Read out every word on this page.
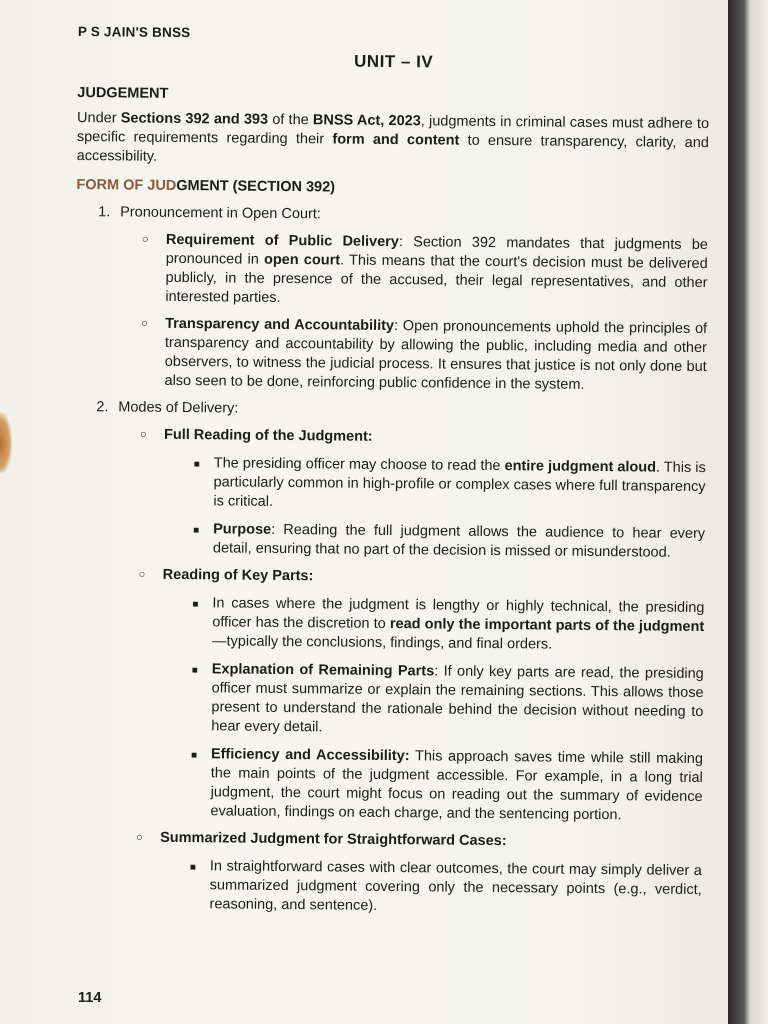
P S JAIN'S BNSS
UNIT – IV
JUDGEMENT
Under Sections 392 and 393 of the BNSS Act, 2023, judgments in criminal cases must adhere to specific requirements regarding their form and content to ensure transparency, clarity, and accessibility.
FORM OF JUDGMENT (SECTION 392)
1. Pronouncement in Open Court:
○	Requirement of Public Delivery: Section 392 mandates that judgments be pronounced in open court. This means that the court's decision must be delivered publicly, in the presence of the accused, their legal representatives, and other interested parties.
○	Transparency and Accountability: Open pronouncements uphold the principles of transparency and accountability by allowing the public, including media and other observers, to witness the judicial process. It ensures that justice is not only done but also seen to be done, reinforcing public confidence in the system.
2. Modes of Delivery:
○	Full Reading of the Judgment:
■ The presiding officer may choose to read the entire judgment aloud. This is particularly common in high-profile or complex cases where full transparency is critical.
■ Purpose: Reading the full judgment allows the audience to hear every detail, ensuring that no part of the decision is missed or misunderstood.
○	Reading of Key Parts:
■ In cases where the judgment is lengthy or highly technical, the presiding officer has the discretion to read only the important parts of the judgment—typically the conclusions, findings, and final orders.
■ Explanation of Remaining Parts: If only key parts are read, the presiding officer must summarize or explain the remaining sections. This allows those present to understand the rationale behind the decision without needing to hear every detail.
■ Efficiency and Accessibility: This approach saves time while still making the main points of the judgment accessible. For example, in a long trial judgment, the court might focus on reading out the summary of evidence evaluation, findings on each charge, and the sentencing portion.
○	Summarized Judgment for Straightforward Cases:
■ In straightforward cases with clear outcomes, the court may simply deliver a summarized judgment covering only the necessary points (e.g., verdict, reasoning, and sentence).
114
